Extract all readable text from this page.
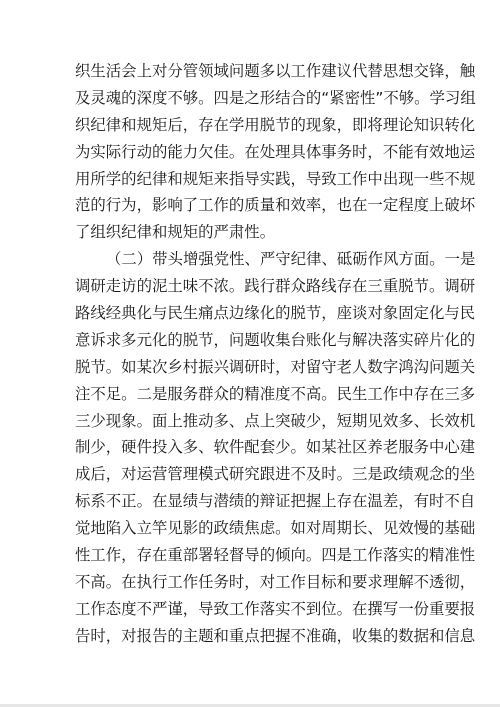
织生活会上对分管领域问题多以工作建议代替思想交锋，触
及灵魂的深度不够。四是之形结合的“紧密性”不够。学习组
织纪律和规矩后，存在学用脱节的现象，即将理论知识转化
为实际行动的能力欠佳。在处理具体事务时，不能有效地运
用所学的纪律和规矩来指导实践，导致工作中出现一些不规
范的行为，影响了工作的质量和效率，也在一定程度上破坏
了组织纪律和规矩的严肃性。
（二）带头增强党性、严守纪律、砥砺作风方面。一是
调研走访的泥土味不浓。践行群众路线存在三重脱节。调研
路线经典化与民生痛点边缘化的脱节，座谈对象固定化与民
意诉求多元化的脱节，问题收集台账化与解决落实碎片化的
脱节。如某次乡村振兴调研时，对留守老人数字鸿沟问题关
注不足。二是服务群众的精准度不高。民生工作中存在三多
三少现象。面上推动多、点上突破少，短期见效多、长效机
制少，硬件投入多、软件配套少。如某社区养老服务中心建
成后，对运营管理模式研究跟进不及时。三是政绩观念的坐
标系不正。在显绩与潜绩的辩证把握上存在温差，有时不自
觉地陷入立竿见影的政绩焦虑。如对周期长、见效慢的基础
性工作，存在重部署轻督导的倾向。四是工作落实的精准性
不高。在执行工作任务时，对工作目标和要求理解不透彻，
工作态度不严谨，导致工作落实不到位。在撰写一份重要报
告时，对报告的主题和重点把握不准确，收集的数据和信息
